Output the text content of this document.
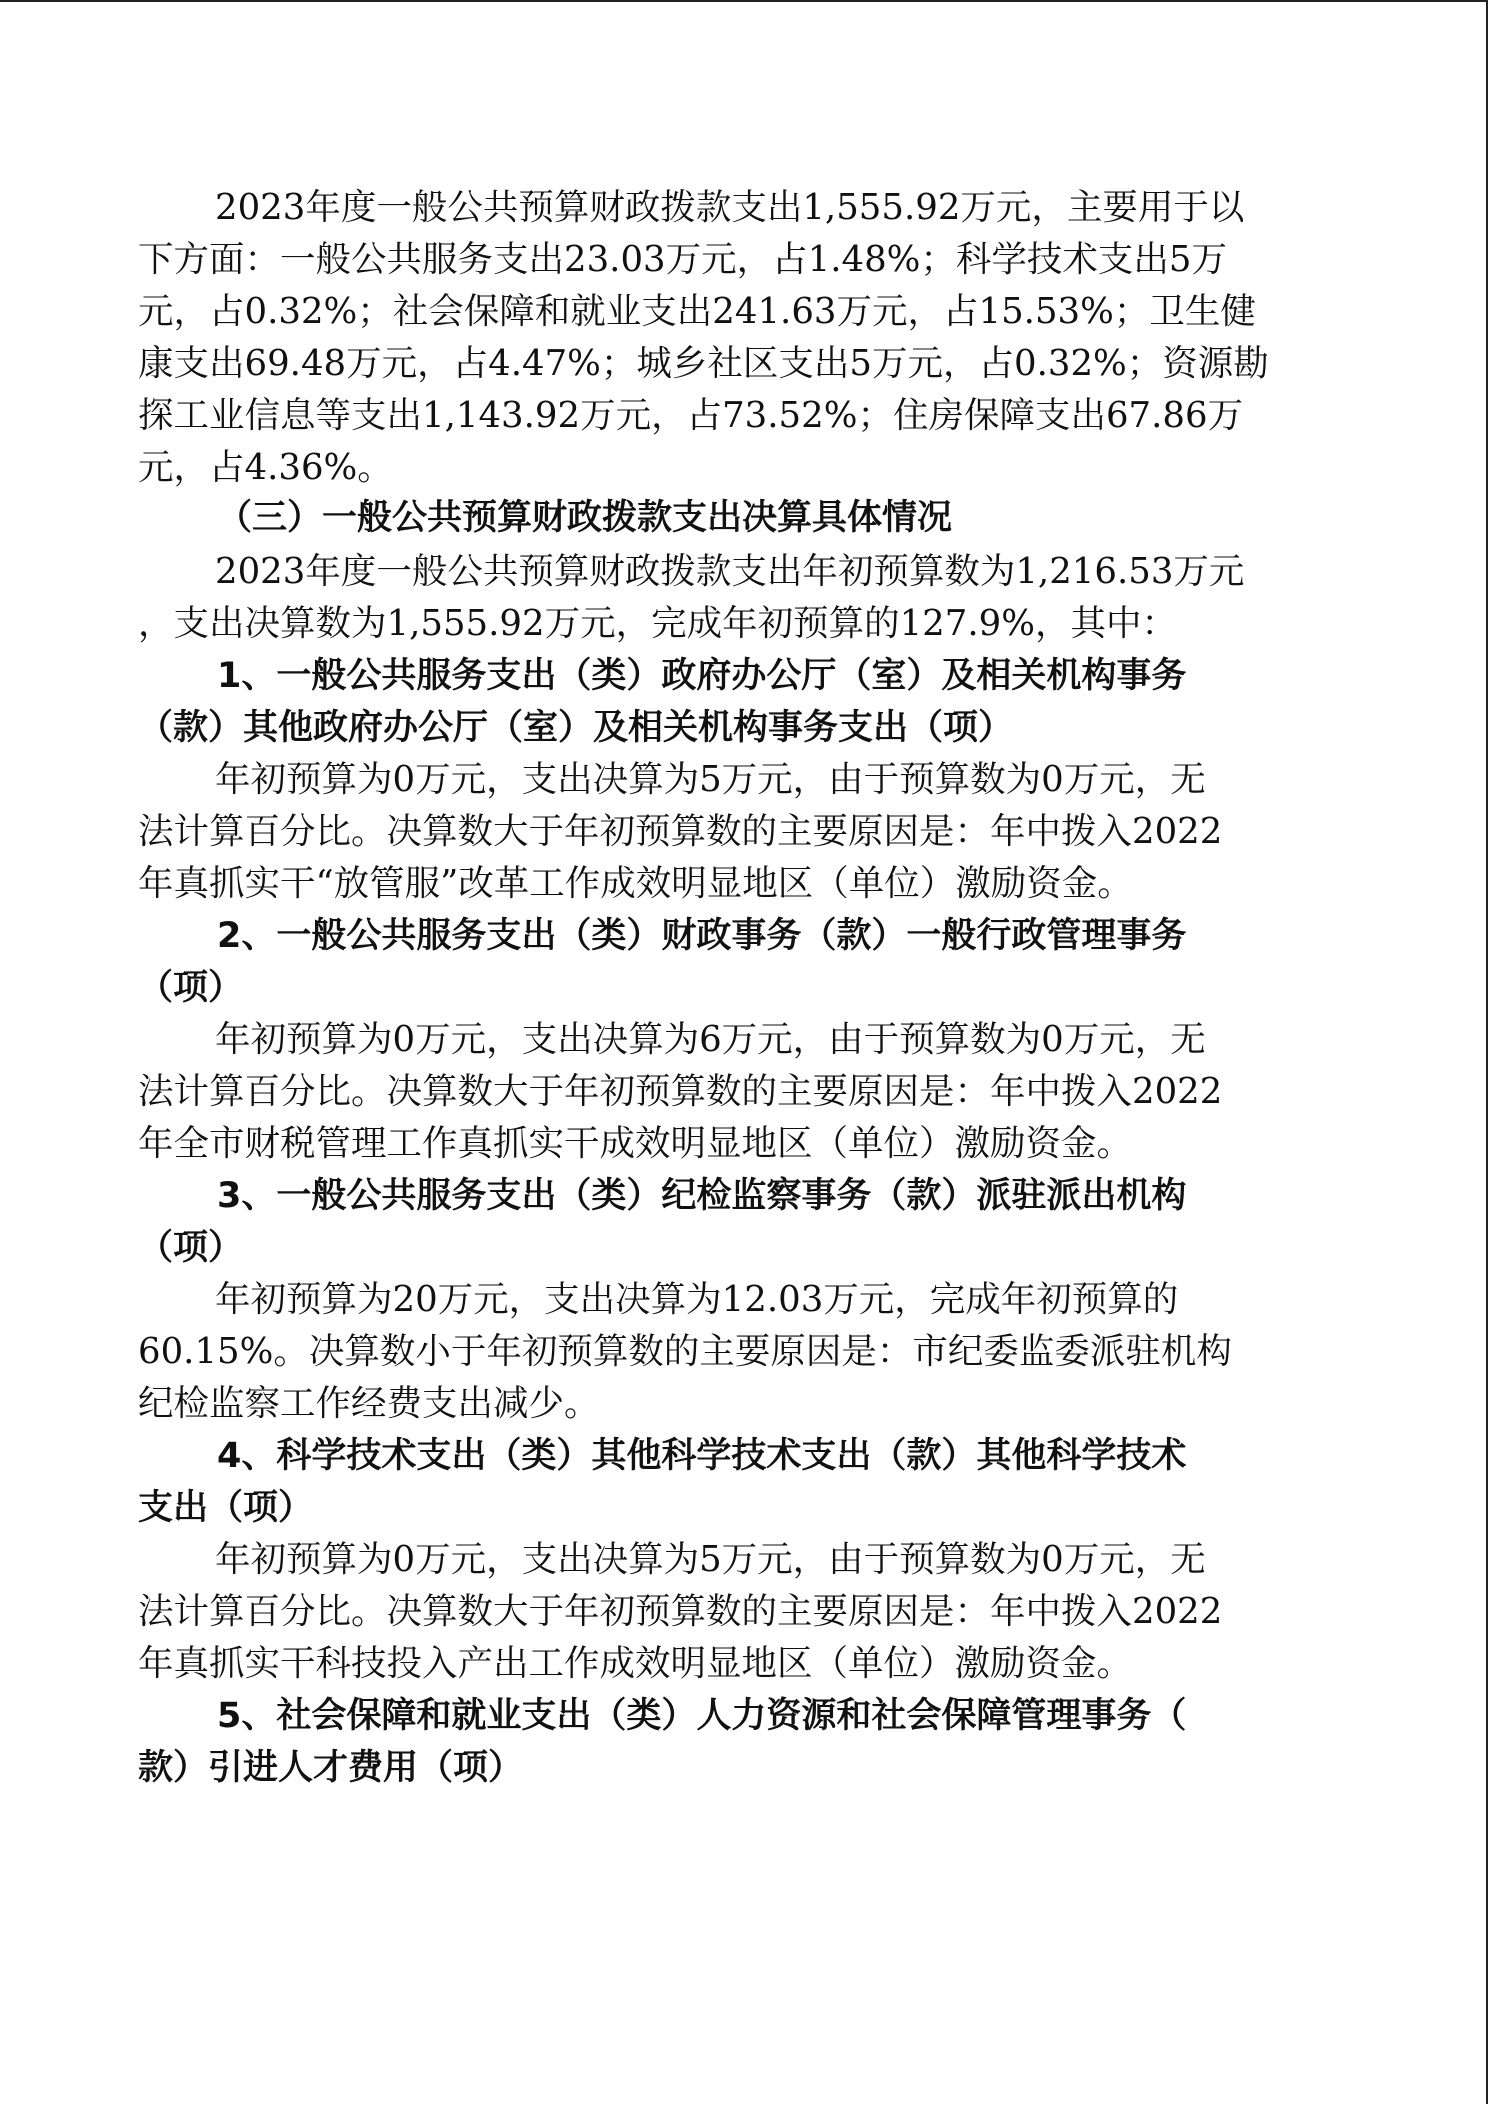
2023年度一般公共预算财政拨款支出1,555.92万元，主要用于以

下方面：一般公共服务支出23.03万元，占1.48%；科学技术支出5万

元，占0.32%；社会保障和就业支出241.63万元，占15.53%；卫生健

康支出69.48万元，占4.47%；城乡社区支出5万元，占0.32%；资源勘

探工业信息等支出1,143.92万元，占73.52%；住房保障支出67.86万

元，占4.36%。

（三）一般公共预算财政拨款支出决算具体情况

2023年度一般公共预算财政拨款支出年初预算数为1,216.53万元

，支出决算数为1,555.92万元，完成年初预算的127.9%，其中：

1、一般公共服务支出（类）政府办公厅（室）及相关机构事务

（款）其他政府办公厅（室）及相关机构事务支出（项）

年初预算为0万元，支出决算为5万元，由于预算数为0万元，无

法计算百分比。决算数大于年初预算数的主要原因是：年中拨入2022

年真抓实干“放管服”改革工作成效明显地区（单位）激励资金。

2、一般公共服务支出（类）财政事务（款）一般行政管理事务

（项）

年初预算为0万元，支出决算为6万元，由于预算数为0万元，无

法计算百分比。决算数大于年初预算数的主要原因是：年中拨入2022

年全市财税管理工作真抓实干成效明显地区（单位）激励资金。

3、一般公共服务支出（类）纪检监察事务（款）派驻派出机构

（项）

年初预算为20万元，支出决算为12.03万元，完成年初预算的

60.15%。决算数小于年初预算数的主要原因是：市纪委监委派驻机构

纪检监察工作经费支出减少。

4、科学技术支出（类）其他科学技术支出（款）其他科学技术

支出（项）

年初预算为0万元，支出决算为5万元，由于预算数为0万元，无

法计算百分比。决算数大于年初预算数的主要原因是：年中拨入2022

年真抓实干科技投入产出工作成效明显地区（单位）激励资金。

5、社会保障和就业支出（类）人力资源和社会保障管理事务（

款）引进人才费用（项）
